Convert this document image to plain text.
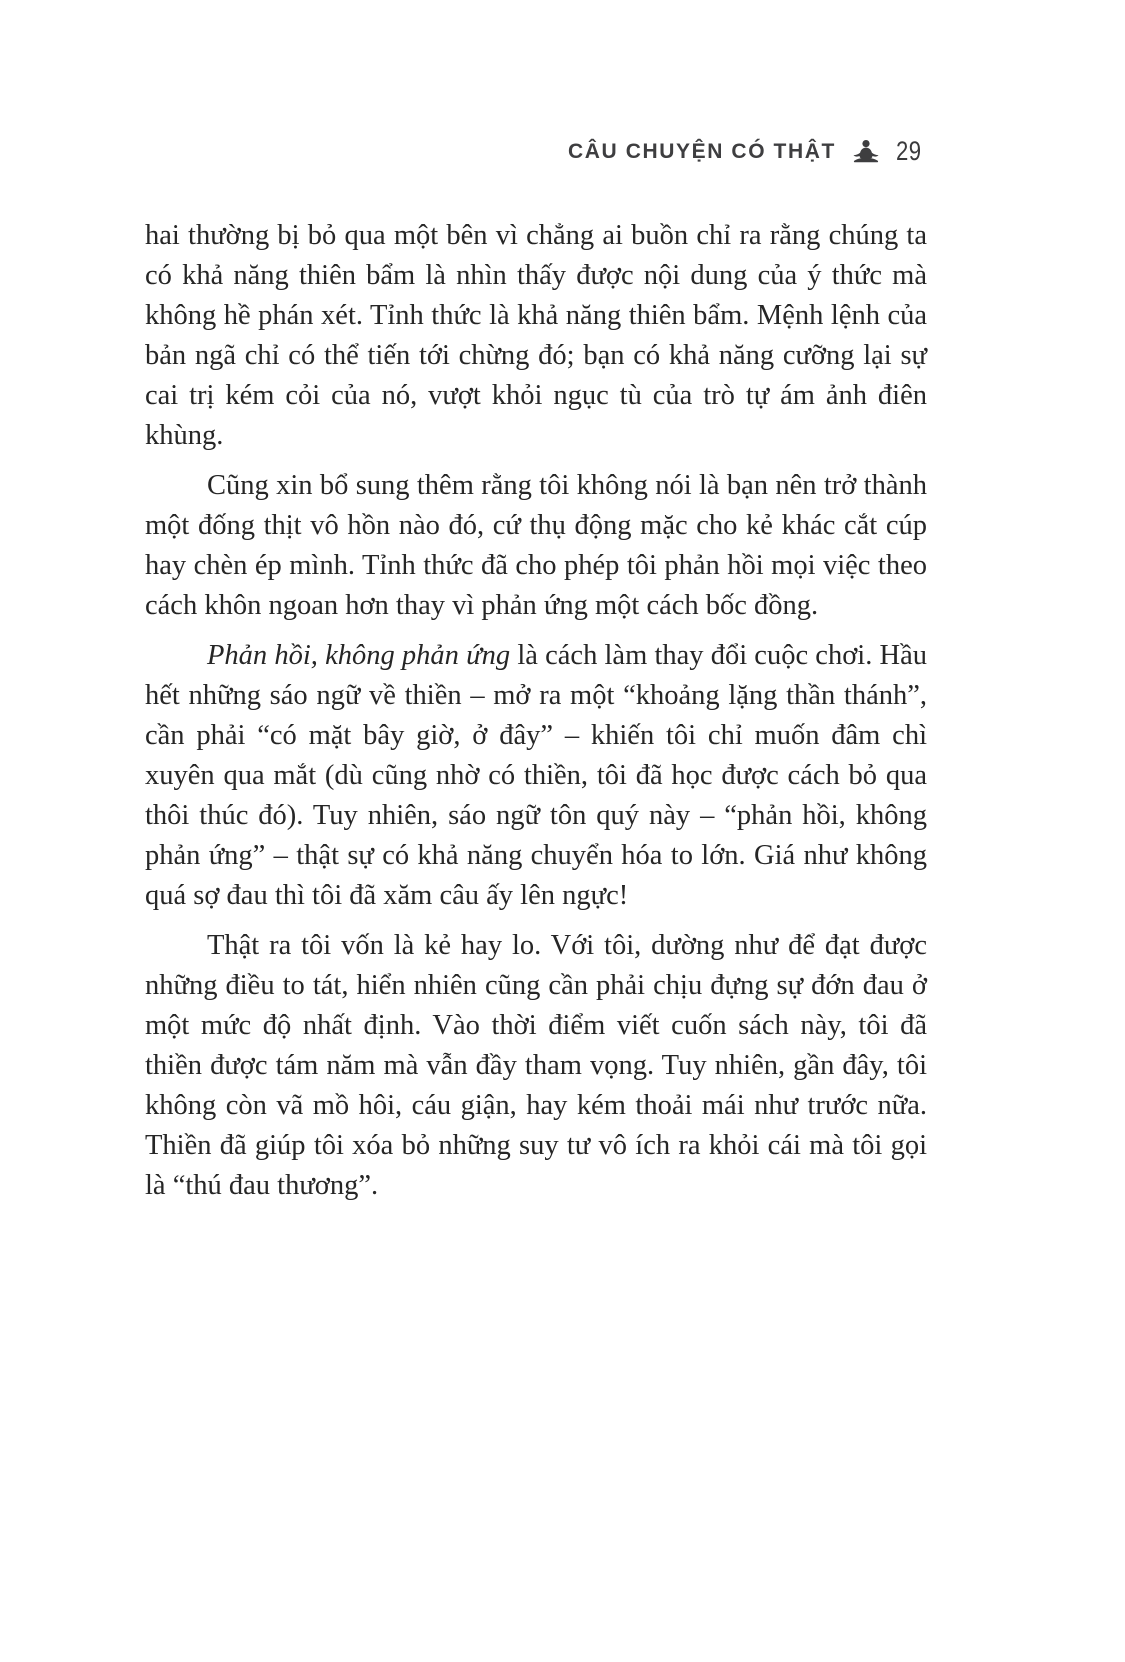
CÂU CHUYỆN CÓ THẬT 29

hai thường bị bỏ qua một bên vì chẳng ai buồn chỉ ra rằng chúng ta có khả năng thiên bẩm là nhìn thấy được nội dung của ý thức mà không hề phán xét. Tỉnh thức là khả năng thiên bẩm. Mệnh lệnh của bản ngã chỉ có thể tiến tới chừng đó; bạn có khả năng cưỡng lại sự cai trị kém cỏi của nó, vượt khỏi ngục tù của trò tự ám ảnh điên khùng.

Cũng xin bổ sung thêm rằng tôi không nói là bạn nên trở thành một đống thịt vô hồn nào đó, cứ thụ động mặc cho kẻ khác cắt cúp hay chèn ép mình. Tỉnh thức đã cho phép tôi phản hồi mọi việc theo cách khôn ngoan hơn thay vì phản ứng một cách bốc đồng.

Phản hồi, không phản ứng là cách làm thay đổi cuộc chơi. Hầu hết những sáo ngữ về thiền – mở ra một “khoảng lặng thần thánh”, cần phải “có mặt bây giờ, ở đây” – khiến tôi chỉ muốn đâm chì xuyên qua mắt (dù cũng nhờ có thiền, tôi đã học được cách bỏ qua thôi thúc đó). Tuy nhiên, sáo ngữ tôn quý này – “phản hồi, không phản ứng” – thật sự có khả năng chuyển hóa to lớn. Giá như không quá sợ đau thì tôi đã xăm câu ấy lên ngực!

Thật ra tôi vốn là kẻ hay lo. Với tôi, dường như để đạt được những điều to tát, hiển nhiên cũng cần phải chịu đựng sự đớn đau ở một mức độ nhất định. Vào thời điểm viết cuốn sách này, tôi đã thiền được tám năm mà vẫn đầy tham vọng. Tuy nhiên, gần đây, tôi không còn vã mồ hôi, cáu giận, hay kém thoải mái như trước nữa. Thiền đã giúp tôi xóa bỏ những suy tư vô ích ra khỏi cái mà tôi gọi là “thú đau thương”.
